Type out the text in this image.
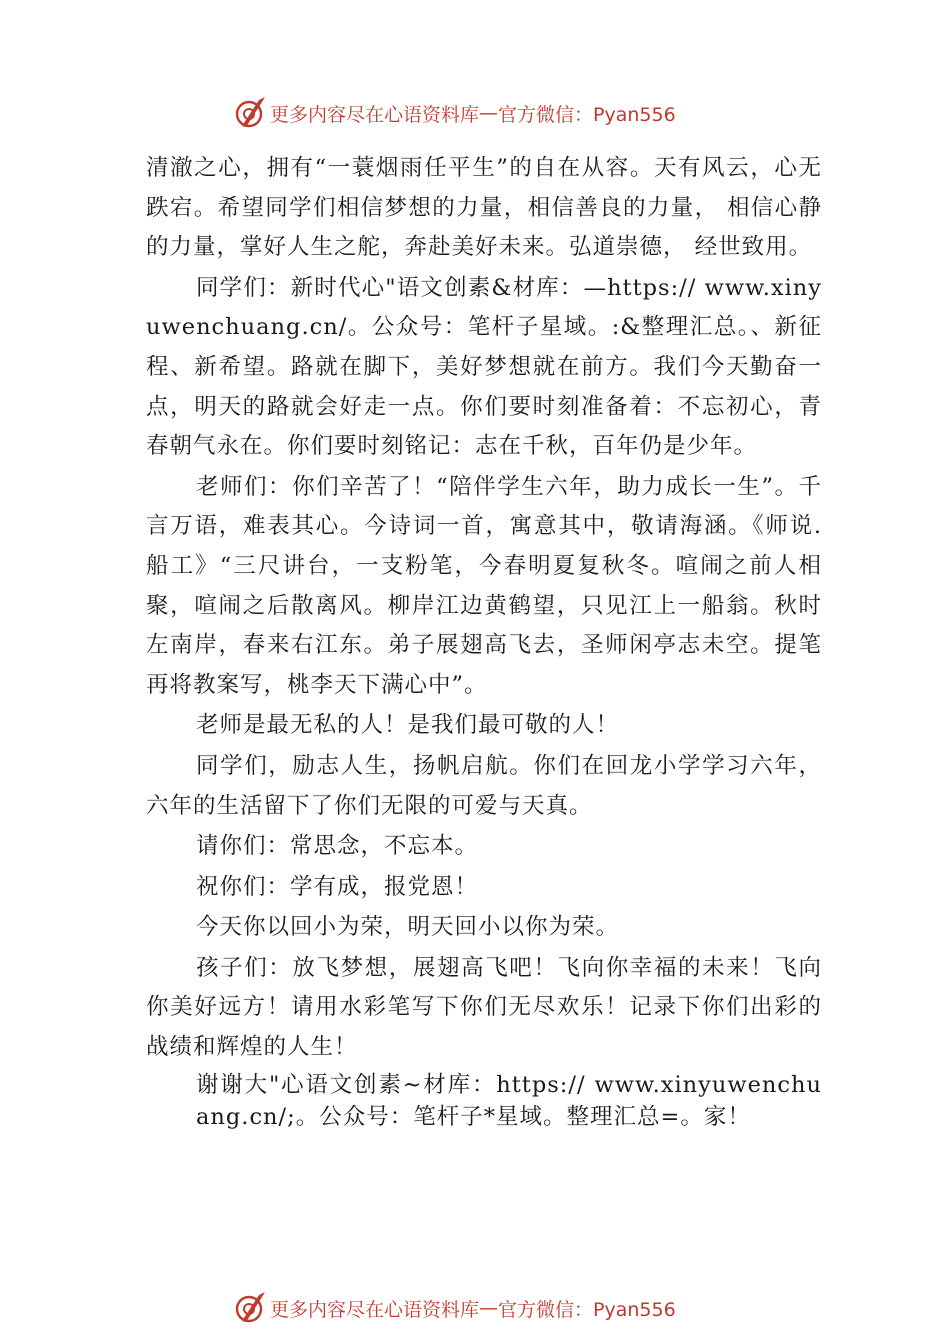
更多内容尽在心语资料库 — 官方微信：Pyan556

清澈之心，拥有“一蓑烟雨任平生”的自在从容。天有风云，心无跌宕。希望同学们相信梦想的力量，相信善良的力量， 相信心静的力量，掌好人生之舵，奔赴美好未来。弘道崇德， 经世致用。

同学们：新时代心"语文创素&材库：—https:// www.xinyuwenchuang.cn/。公众号：笔杆子星域。:&整理汇总。、新征程、新希望。路就在脚下，美好梦想就在前方。我们今天勤奋一点，明天的路就会好走一点。你们要时刻准备着：不忘初心，青春朝气永在。你们要时刻铭记：志在千秋，百年仍是少年。

老师们：你们辛苦了！“陪伴学生六年，助力成长一生”。千言万语，难表其心。今诗词一首，寓意其中，敬请海涵。《师说.船工》“三尺讲台，一支粉笔，今春明夏复秋冬。喧闹之前人相聚，喧闹之后散离风。柳岸江边黄鹤望，只见江上一船翁。秋时左南岸，春来右江东。弟子展翅高飞去，圣师闲亭志未空。提笔再将教案写，桃李天下满心中”。

老师是最无私的人！是我们最可敬的人！

同学们，励志人生，扬帆启航。你们在回龙小学学习六年，六年的生活留下了你们无限的可爱与天真。

请你们：常思念，不忘本。

祝你们：学有成，报党恩！

今天你以回小为荣，明天回小以你为荣。

孩子们：放飞梦想，展翅高飞吧！飞向你幸福的未来！飞向你美好远方！请用水彩笔写下你们无尽欢乐！记录下你们出彩的战绩和辉煌的人生！

谢谢大"心语文创素~材库：https:// www.xinyuwenchuang.cn/;。公众号：笔杆子*星域。整理汇总=。家！

更多内容尽在心语资料库 — 官方微信：Pyan556
